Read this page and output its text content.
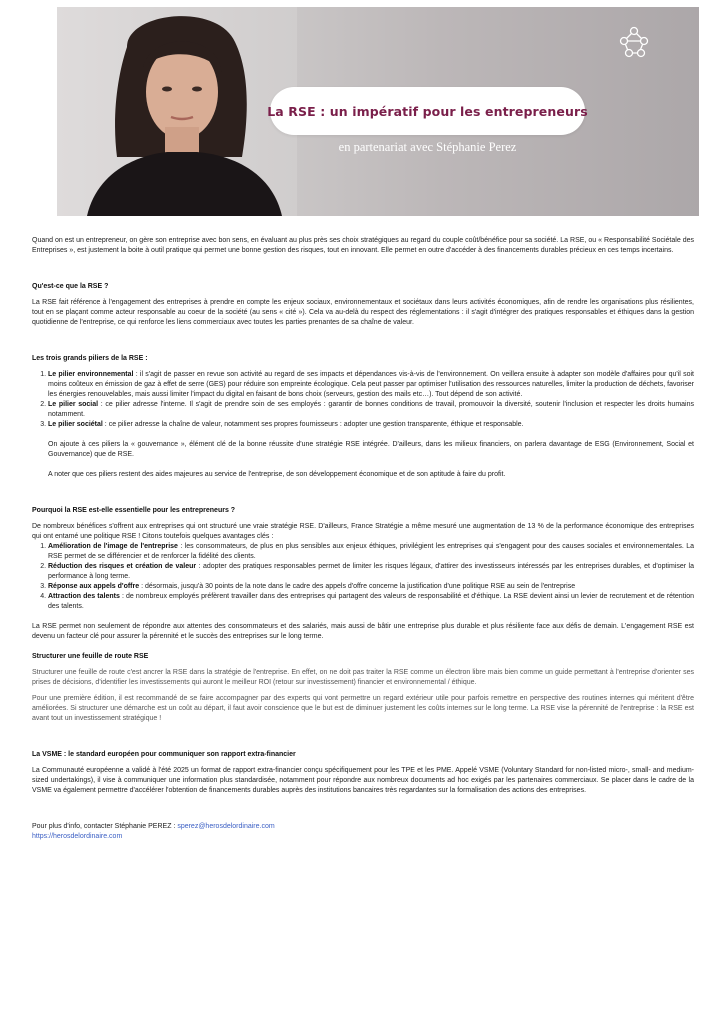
La RSE : un impératif pour les entrepreneurs
en partenariat avec Stéphanie Perez

Quand on est un entrepreneur, on gère son entreprise avec bon sens, en évaluant au plus près ses choix stratégiques au regard du couple coût/bénéfice pour sa société. La RSE, ou « Responsabilité Sociétale des Entreprises », est justement la boite à outil pratique qui permet une bonne gestion des risques, tout en innovant. Elle permet en outre d'accéder à des financements durables précieux en ces temps incertains.

Qu'est-ce que la RSE ?

La RSE fait référence à l'engagement des entreprises à prendre en compte les enjeux sociaux, environnementaux et sociétaux dans leurs activités économiques, afin de rendre les organisations plus résilientes, tout en se plaçant comme acteur responsable au coeur de la société (au sens « cité »). Cela va au-delà du respect des réglementations : il s'agit d'intégrer des pratiques responsables et éthiques dans la gestion quotidienne de l'entreprise, ce qui renforce les liens commerciaux avec toutes les parties prenantes de sa chaîne de valeur.

Les trois grands piliers de la RSE :
1. Le pilier environnemental : il s'agit de passer en revue son activité au regard de ses impacts et dépendances vis-à-vis de l'environnement. On veillera ensuite à adapter son modèle d'affaires pour qu'il soit moins coûteux en émission de gaz à effet de serre (GES) pour réduire son empreinte écologique. Cela peut passer par optimiser l'utilisation des ressources naturelles, limiter la production de déchets, favoriser les énergies renouvelables, mais aussi limiter l'impact du digital en faisant de bons choix (serveurs, gestion des mails etc…). Tout dépend de son activité.
2. Le pilier social : ce pilier adresse l'interne. Il s'agit de prendre soin de ses employés : garantir de bonnes conditions de travail, promouvoir la diversité, soutenir l'inclusion et respecter les droits humains notamment.
3. Le pilier sociétal : ce pilier adresse la chaîne de valeur, notamment ses propres fournisseurs : adopter une gestion transparente, éthique et responsable.

On ajoute à ces piliers la « gouvernance », élément clé de la bonne réussite d'une stratégie RSE intégrée. D'ailleurs, dans les milieux financiers, on parlera davantage de ESG (Environnement, Social et Gouvernance) que de RSE.

A noter que ces piliers restent des aides majeures au service de l'entreprise, de son développement économique et de son aptitude à faire du profit.

Pourquoi la RSE est-elle essentielle pour les entrepreneurs ?

De nombreux bénéfices s'offrent aux entreprises qui ont structuré une vraie stratégie RSE. D'ailleurs, France Stratégie a même mesuré une augmentation de 13 % de la performance économique des entreprises qui ont entamé une politique RSE ! Citons toutefois quelques avantages clés :

1. Amélioration de l'image de l'entreprise : les consommateurs, de plus en plus sensibles aux enjeux éthiques, privilégient les entreprises qui s'engagent pour des causes sociales et environnementales. La RSE permet de se différencier et de renforcer la fidélité des clients.
2. Réduction des risques et création de valeur : adopter des pratiques responsables permet de limiter les risques légaux, d'attirer des investisseurs intéressés par les entreprises durables, et d'optimiser la performance à long terme.
3. Réponse aux appels d'offre : désormais, jusqu'à 30 points de la note dans le cadre des appels d'offre concerne la justification d'une politique RSE au sein de l'entreprise
4. Attraction des talents : de nombreux employés préfèrent travailler dans des entreprises qui partagent des valeurs de responsabilité et d'éthique. La RSE devient ainsi un levier de recrutement et de rétention des talents.

La RSE permet non seulement de répondre aux attentes des consommateurs et des salariés, mais aussi de bâtir une entreprise plus durable et plus résiliente face aux défis de demain. L'engagement RSE est devenu un facteur clé pour assurer la pérennité et le succès des entreprises sur le long terme.

Structurer une feuille de route RSE

Structurer une feuille de route c'est ancrer la RSE dans la stratégie de l'entreprise. En effet, on ne doit pas traiter la RSE comme un électron libre mais bien comme un guide permettant à l'entreprise d'orienter ses prises de décisions, d'identifier les investissements qui auront le meilleur ROI (retour sur investissement) financier et environnemental / éthique.

Pour une première édition, il est recommandé de se faire accompagner par des experts qui vont permettre un regard extérieur utile pour parfois remettre en perspective des routines internes qui méritent d'être améliorées. Si structurer une démarche est un coût au départ, il faut avoir conscience que le but est de diminuer justement les coûts internes sur le long terme. La RSE vise la pérennité de l'entreprise : la RSE est avant tout un investissement stratégique !

La VSME : le standard européen pour communiquer son rapport extra-financier

La Communauté européenne a validé à l'été 2025 un format de rapport extra-financier conçu spécifiquement pour les TPE et les PME. Appelé VSME (Voluntary Standard for non-listed micro-, small- and medium-sized undertakings), il vise à communiquer une information plus standardisée, notamment pour répondre aux nombreux documents ad hoc exigés par les partenaires commerciaux. Se placer dans le cadre de la VSME va également permettre d'accélérer l'obtention de financements durables auprès des institutions bancaires très regardantes sur la formalisation des actions des entreprises.

Pour plus d'info, contacter Stéphanie PEREZ : sperez@herosdelordinaire.com

https://herosdelordinaire.com
